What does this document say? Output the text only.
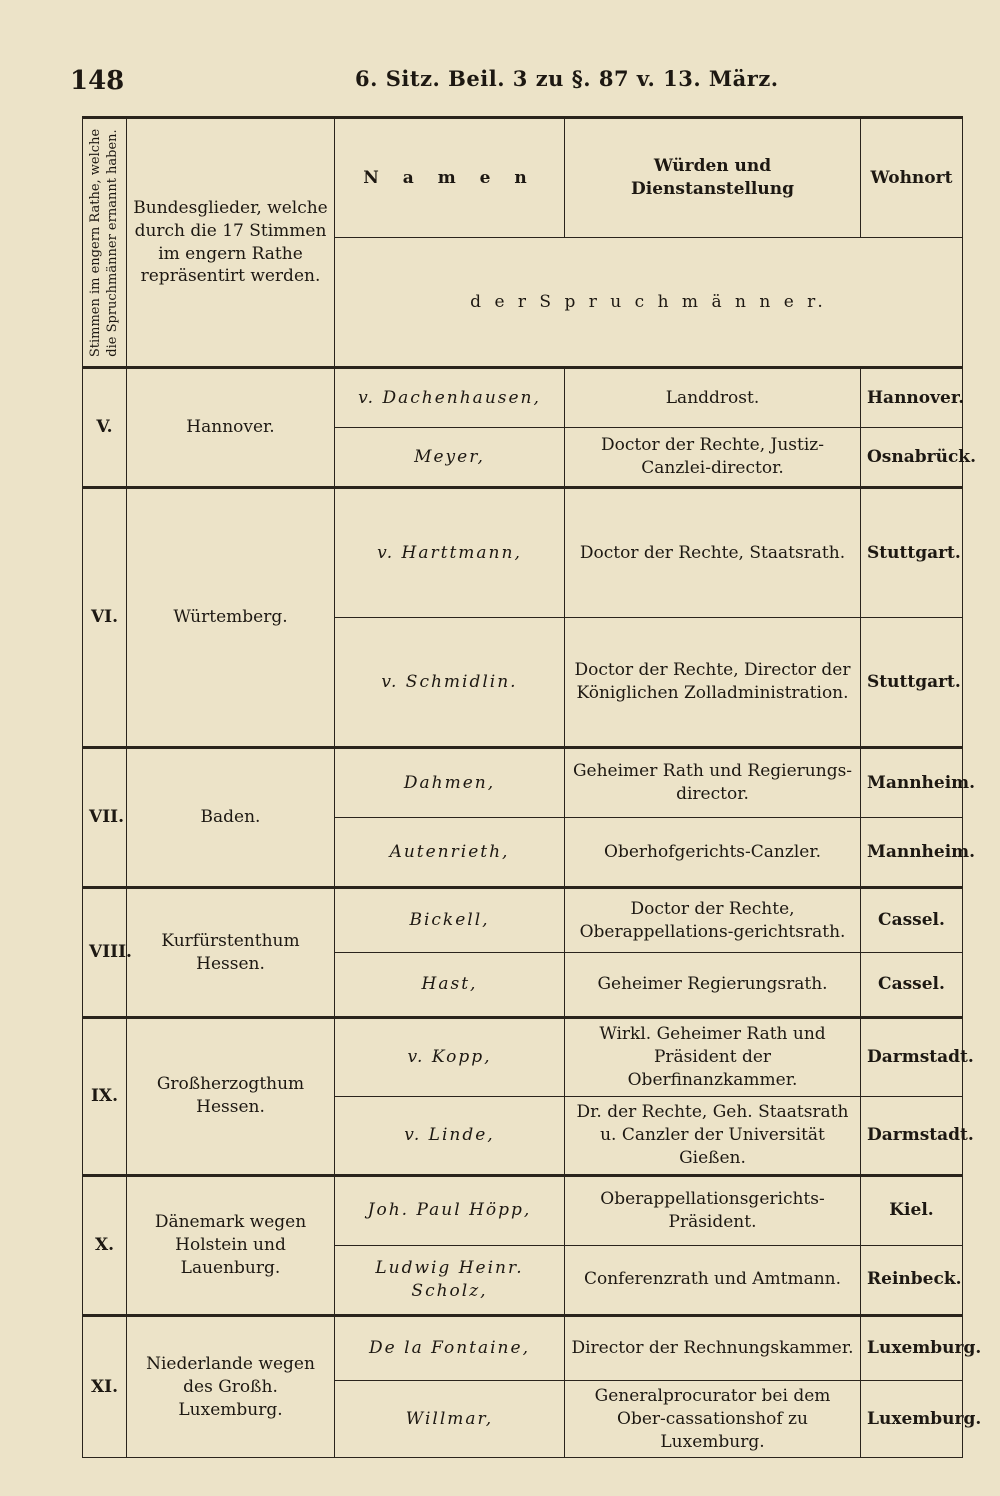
148	6. Sitz. Beil. 3 zu §. 87 v. 13. März.
Stimmen im engern Rathe, welche die Spruchmänner ernannt haben.	Bundesglieder, welche durch die 17 Stimmen im engern Rathe repräsentirt werden.	N a m e n	Würden und Dienstanstellung	Wohnort
		d e r S p r u c h m ä n n e r.		
V.	Hannover.	v. Dachenhausen,	Landdrost.	Hannover.
		Meyer,	Doctor der Rechte, Justiz-Canzlei-director.	Osnabrück.
VI.	Würtemberg.	v. Harttmann,	Doctor der Rechte, Staatsrath.	Stuttgart.
		v. Schmidlin.	Doctor der Rechte, Director der Königlichen Zolladministration.	Stuttgart.
VII.	Baden.	Dahmen,	Geheimer Rath und Regierungs-director.	Mannheim.
		Autenrieth,	Oberhofgerichts-Canzler.	Mannheim.
VIII.	Kurfürstenthum Hessen.	Bickell,	Doctor der Rechte, Oberappellations-gerichtsrath.	Cassel.
		Hast,	Geheimer Regierungsrath.	Cassel.
IX.	Großherzogthum Hessen.	v. Kopp,	Wirkl. Geheimer Rath und Präsident der Oberfinanzkammer.	Darmstadt.
		v. Linde,	Dr. der Rechte, Geh. Staatsrath u. Canzler der Universität Gießen.	Darmstadt.
X.	Dänemark wegen Holstein und Lauenburg.	Joh. Paul Höpp,	Oberappellationsgerichts-Präsident.	Kiel.
		Ludwig Heinr. Scholz,	Conferenzrath und Amtmann.	Reinbeck.
XI.	Niederlande wegen des Großh. Luxemburg.	De la Fontaine,	Director der Rechnungskammer.	Luxemburg.
		Willmar,	Generalprocurator bei dem Ober-cassationshof zu Luxemburg.	Luxemburg.
